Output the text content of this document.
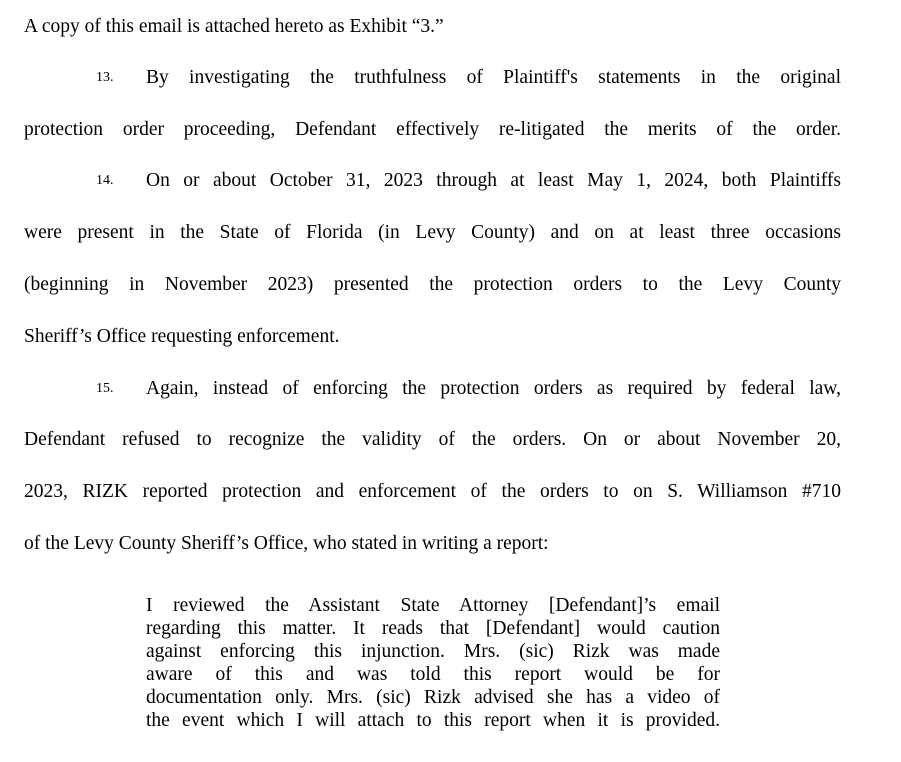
A copy of this email is attached hereto as Exhibit “3.”
13. By investigating the truthfulness of Plaintiff's statements in the original
protection order proceeding, Defendant effectively re-litigated the merits of the order.
14. On or about October 31, 2023 through at least May 1, 2024, both Plaintiffs
were present in the State of Florida (in Levy County) and on at least three occasions
(beginning in November 2023) presented the protection orders to the Levy County
Sheriff’s Office requesting enforcement.
15. Again, instead of enforcing the protection orders as required by federal law,
Defendant refused to recognize the validity of the orders. On or about November 20,
2023, RIZK reported protection and enforcement of the orders to on S. Williamson #710
of the Levy County Sheriff’s Office, who stated in writing a report:
I reviewed the Assistant State Attorney [Defendant]’s email
regarding this matter. It reads that [Defendant] would caution
against enforcing this injunction. Mrs. (sic) Rizk was made
aware of this and was told this report would be for
documentation only. Mrs. (sic) Rizk advised she has a video of
the event which I will attach to this report when it is provided.
